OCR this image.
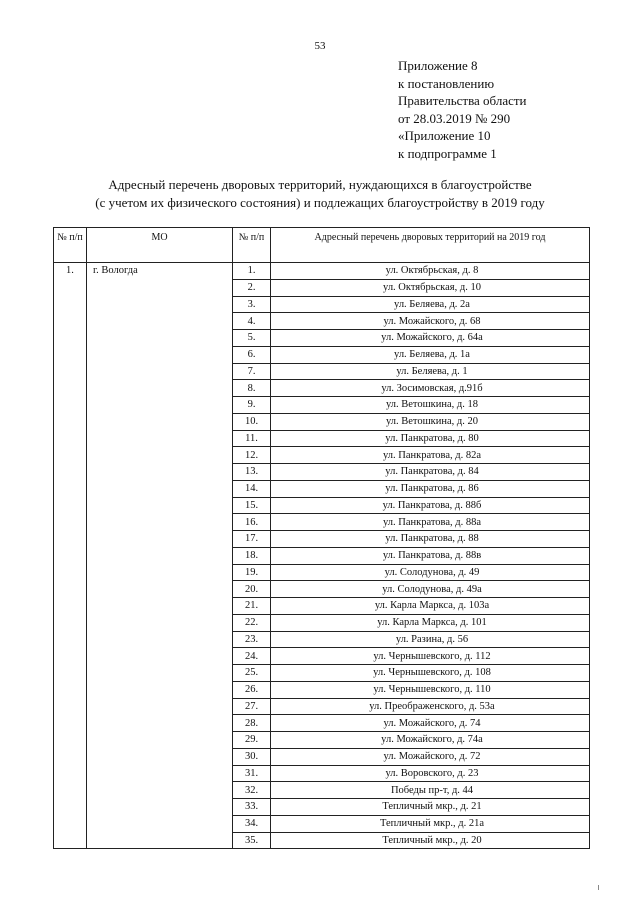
53
Приложение 8
к постановлению
Правительства области
от 28.03.2019 № 290
«Приложение 10
к подпрограмме 1
Адресный перечень дворовых территорий, нуждающихся в благоустройстве
(с учетом их физического состояния) и подлежащих благоустройству в 2019 году
№ п/п	МО	№ п/п	Адресный перечень дворовых территорий на 2019 год
1.	г. Вологда	1.	ул. Октябрьская, д. 8
		2.	ул. Октябрьская, д. 10
		3.	ул. Беляева, д. 2а
		4.	ул. Можайского, д. 68
		5.	ул. Можайского, д. 64а
		6.	ул. Беляева, д. 1а
		7.	ул. Беляева, д. 1
		8.	ул. Зосимовская, д.91б
		9.	ул. Ветошкина, д. 18
		10.	ул. Ветошкина, д. 20
		11.	ул. Панкратова, д. 80
		12.	ул. Панкратова, д. 82а
		13.	ул. Панкратова, д. 84
		14.	ул. Панкратова, д. 86
		15.	ул. Панкратова, д. 88б
		16.	ул. Панкратова, д. 88а
		17.	ул. Панкратова, д. 88
		18.	ул. Панкратова, д. 88в
		19.	ул. Солодунова, д. 49
		20.	ул. Солодунова, д. 49а
		21.	ул. Карла Маркса, д. 103а
		22.	ул. Карла Маркса, д. 101
		23.	ул. Разина, д. 56
		24.	ул. Чернышевского, д. 112
		25.	ул. Чернышевского, д. 108
		26.	ул. Чернышевского, д. 110
		27.	ул. Преображенского, д. 53а
		28.	ул. Можайского, д. 74
		29.	ул. Можайского, д. 74а
		30.	ул. Можайского, д. 72
		31.	ул. Воровского, д. 23
		32.	Победы пр-т, д. 44
		33.	Тепличный мкр., д. 21
		34.	Тепличный мкр., д. 21а
		35.	Тепличный мкр., д. 20
